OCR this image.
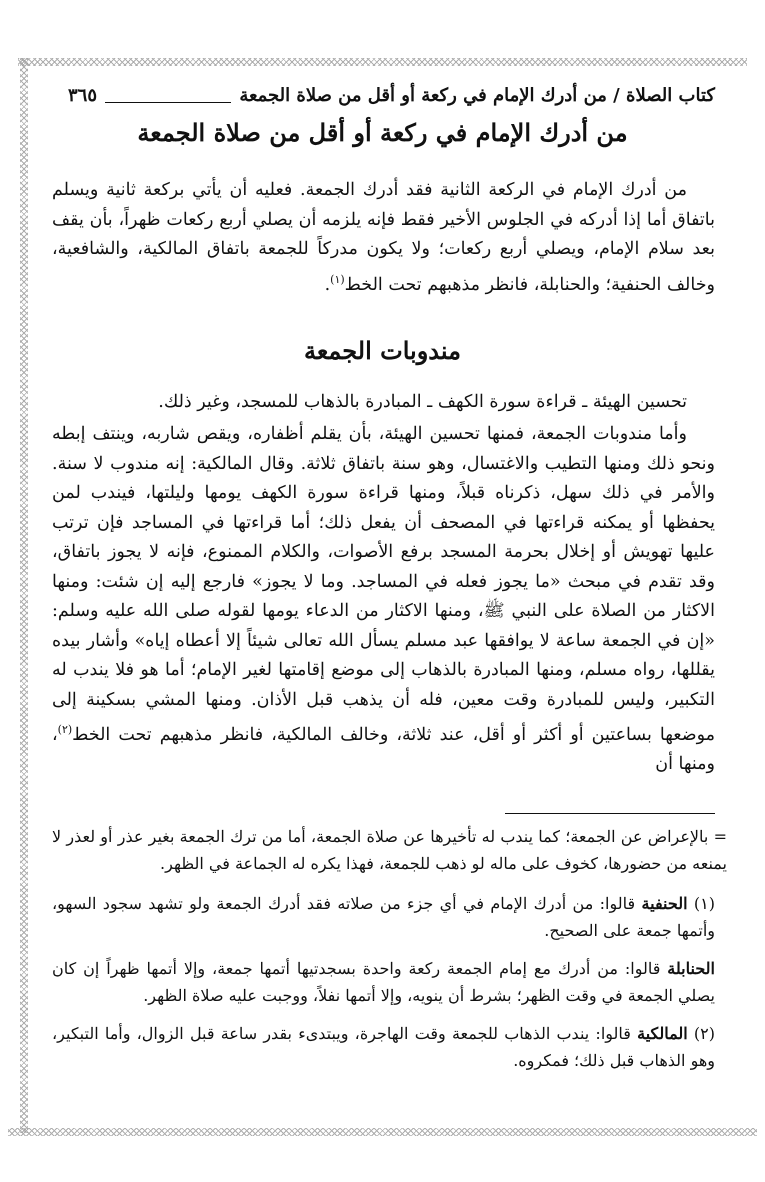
كتاب الصلاة / من أدرك الإمام في ركعة أو أقل من صلاة الجمعة
٣٦٥
من أدرك الإمام في ركعة أو أقل من صلاة الجمعة

من أدرك الإمام في الركعة الثانية فقد أدرك الجمعة. فعليه أن يأتي بركعة ثانية ويسلم باتفاق أما إذا أدركه في الجلوس الأخير فقط فإنه يلزمه أن يصلي أربع ركعات ظهراً، بأن يقف بعد سلام الإمام، ويصلي أربع ركعات؛ ولا يكون مدركاً للجمعة باتفاق المالكية، والشافعية، وخالف الحنفية؛ والحنابلة، فانظر مذهبهم تحت الخط$^{(١)}$.

مندوبات الجمعة

تحسين الهيئة ـ قراءة سورة الكهف ـ المبادرة بالذهاب للمسجد، وغير ذلك.

وأما مندوبات الجمعة، فمنها تحسين الهيئة، بأن يقلم أظفاره، ويقص شاربه، وينتف إبطه ونحو ذلك ومنها التطيب والاغتسال، وهو سنة باتفاق ثلاثة. وقال المالكية: إنه مندوب لا سنة. والأمر في ذلك سهل، ذكرناه قبلاً، ومنها قراءة سورة الكهف يومها وليلتها، فيندب لمن يحفظها أو يمكنه قراءتها في المصحف أن يفعل ذلك؛ أما قراءتها في المساجد فإن ترتب عليها تهويش أو إخلال بحرمة المسجد برفع الأصوات، والكلام الممنوع، فإنه لا يجوز باتفاق، وقد تقدم في مبحث «ما يجوز فعله في المساجد. وما لا يجوز» فارجع إليه إن شئت: ومنها الاكثار من الصلاة على النبي ﷺ، ومنها الاكثار من الدعاء يومها لقوله صلى الله عليه وسلم: «إن في الجمعة ساعة لا يوافقها عبد مسلم يسأل الله تعالى شيئاً إلا أعطاه إياه» وأشار بيده يقللها، رواه مسلم، ومنها المبادرة بالذهاب إلى موضع إقامتها لغير الإمام؛ أما هو فلا يندب له التكبير، وليس للمبادرة وقت معين، فله أن يذهب قبل الأذان. ومنها المشي بسكينة إلى موضعها بساعتين أو أكثر أو أقل، عند ثلاثة، وخالف المالكية، فانظر مذهبهم تحت الخط$^{(٢)}$، ومنها أن

= بالإعراض عن الجمعة؛ كما يندب له تأخيرها عن صلاة الجمعة، أما من ترك الجمعة بغير عذر أو لعذر لا يمنعه من حضورها، كخوف على ماله لو ذهب للجمعة، فهذا يكره له الجماعة في الظهر.

(١) الحنفية قالوا: من أدرك الإمام في أي جزء من صلاته فقد أدرك الجمعة ولو تشهد سجود السهو، وأتمها جمعة على الصحيح.

الحنابلة قالوا: من أدرك مع إمام الجمعة ركعة واحدة بسجدتيها أتمها جمعة، وإلا أتمها ظهراً إن كان يصلي الجمعة في وقت الظهر؛ بشرط أن ينويه، وإلا أتمها نفلاً، ووجبت عليه صلاة الظهر.

(٢) المالكية قالوا: يندب الذهاب للجمعة وقت الهاجرة، ويبتدىء بقدر ساعة قبل الزوال، وأما التبكير، وهو الذهاب قبل ذلك؛ فمكروه.
